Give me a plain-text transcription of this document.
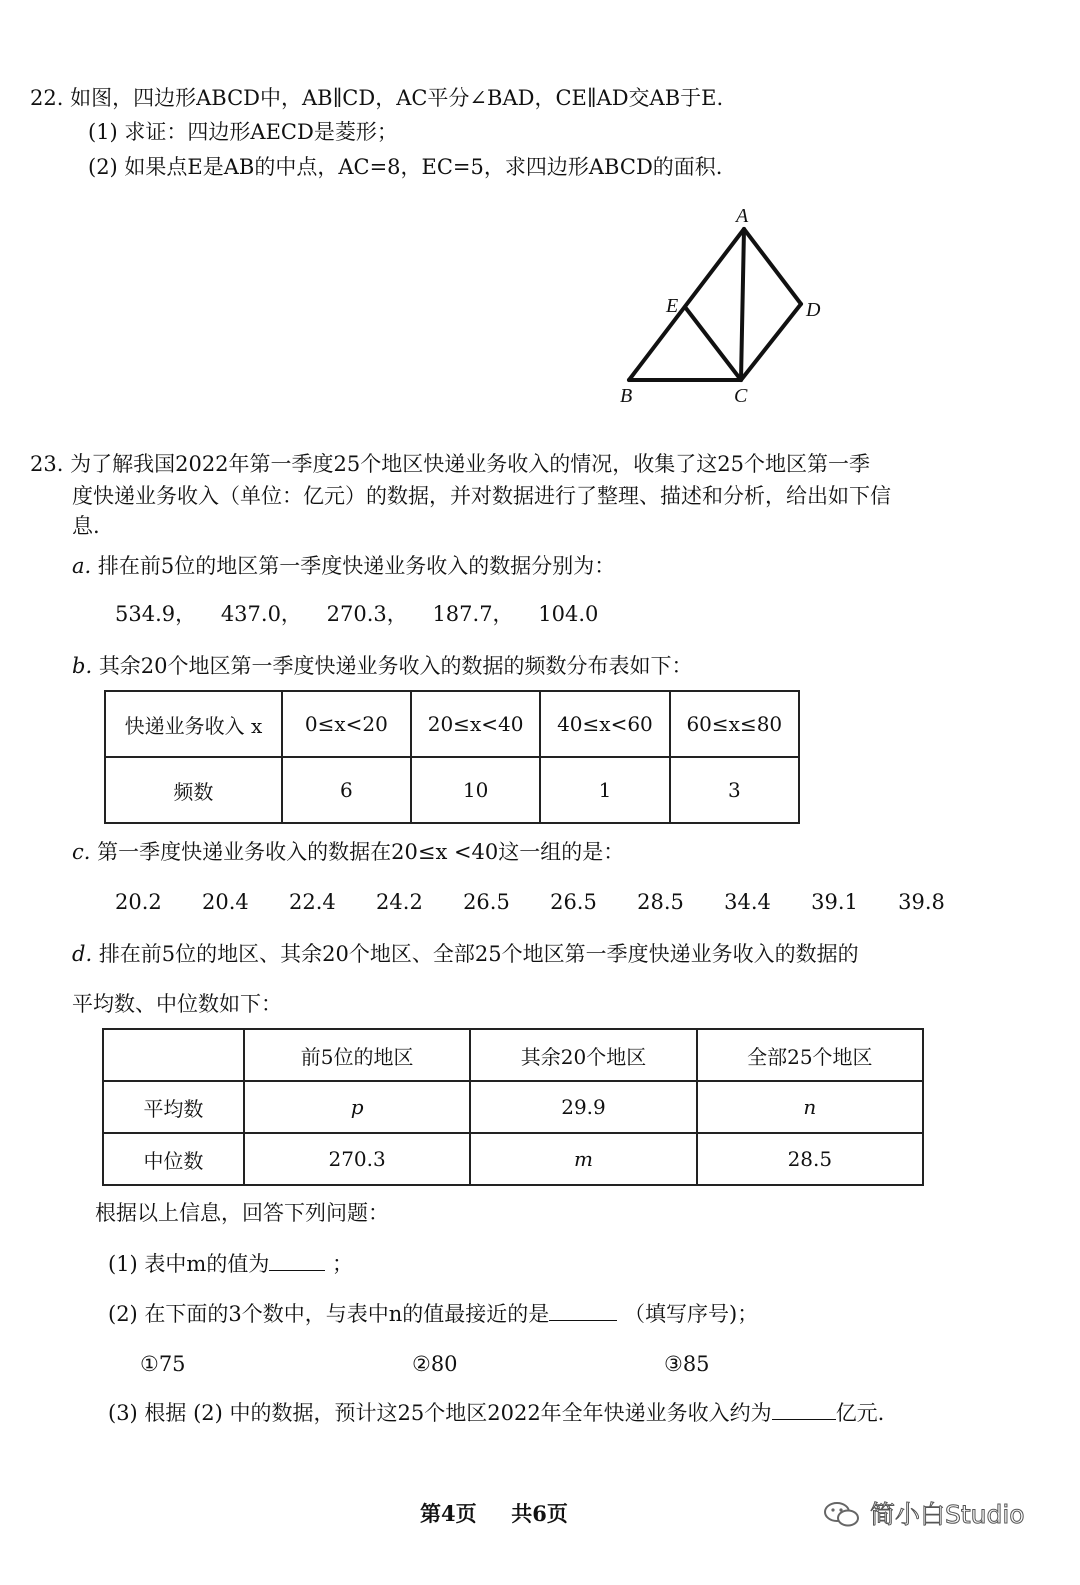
22. 如图，四边形ABCD中，AB∥CD，AC平分∠BAD，CE∥AD交AB于E.
(1) 求证：四边形AECD是菱形；
(2) 如果点E是AB的中点，AC=8，EC=5，求四边形ABCD的面积.
A
E	D
B	C
23. 为了解我国2022年第一季度25个地区快递业务收入的情况，收集了这25个地区第一季
度快递业务收入（单位：亿元）的数据，并对数据进行了整理、描述和分析，给出如下信
息.
a. 排在前5位的地区第一季度快递业务收入的数据分别为：
534.9， 437.0， 270.3， 187.7， 104.0
b. 其余20个地区第一季度快递业务收入的数据的频数分布表如下：
快递业务收入 x	0≤x<20	20≤x<40	40≤x<60	60≤x≤80
频数	6	10	1	3
c. 第一季度快递业务收入的数据在20≤x <40这一组的是：
20.2 20.4 22.4 24.2 26.5 26.5 28.5 34.4 39.1 39.8
d. 排在前5位的地区、其余20个地区、全部25个地区第一季度快递业务收入的数据的
平均数、中位数如下：
	前5位的地区	其余20个地区	全部25个地区
平均数	p	29.9	n
中位数	270.3	m	28.5
根据以上信息，回答下列问题：
(1) 表中m的值为	；
(2) 在下面的3个数中，与表中n的值最接近的是	（填写序号)；
①75	②80	③85
(3) 根据 (2) 中的数据，预计这25个地区2022年全年快递业务收入约为	亿元.
第4页 共6页	简小白Studio
